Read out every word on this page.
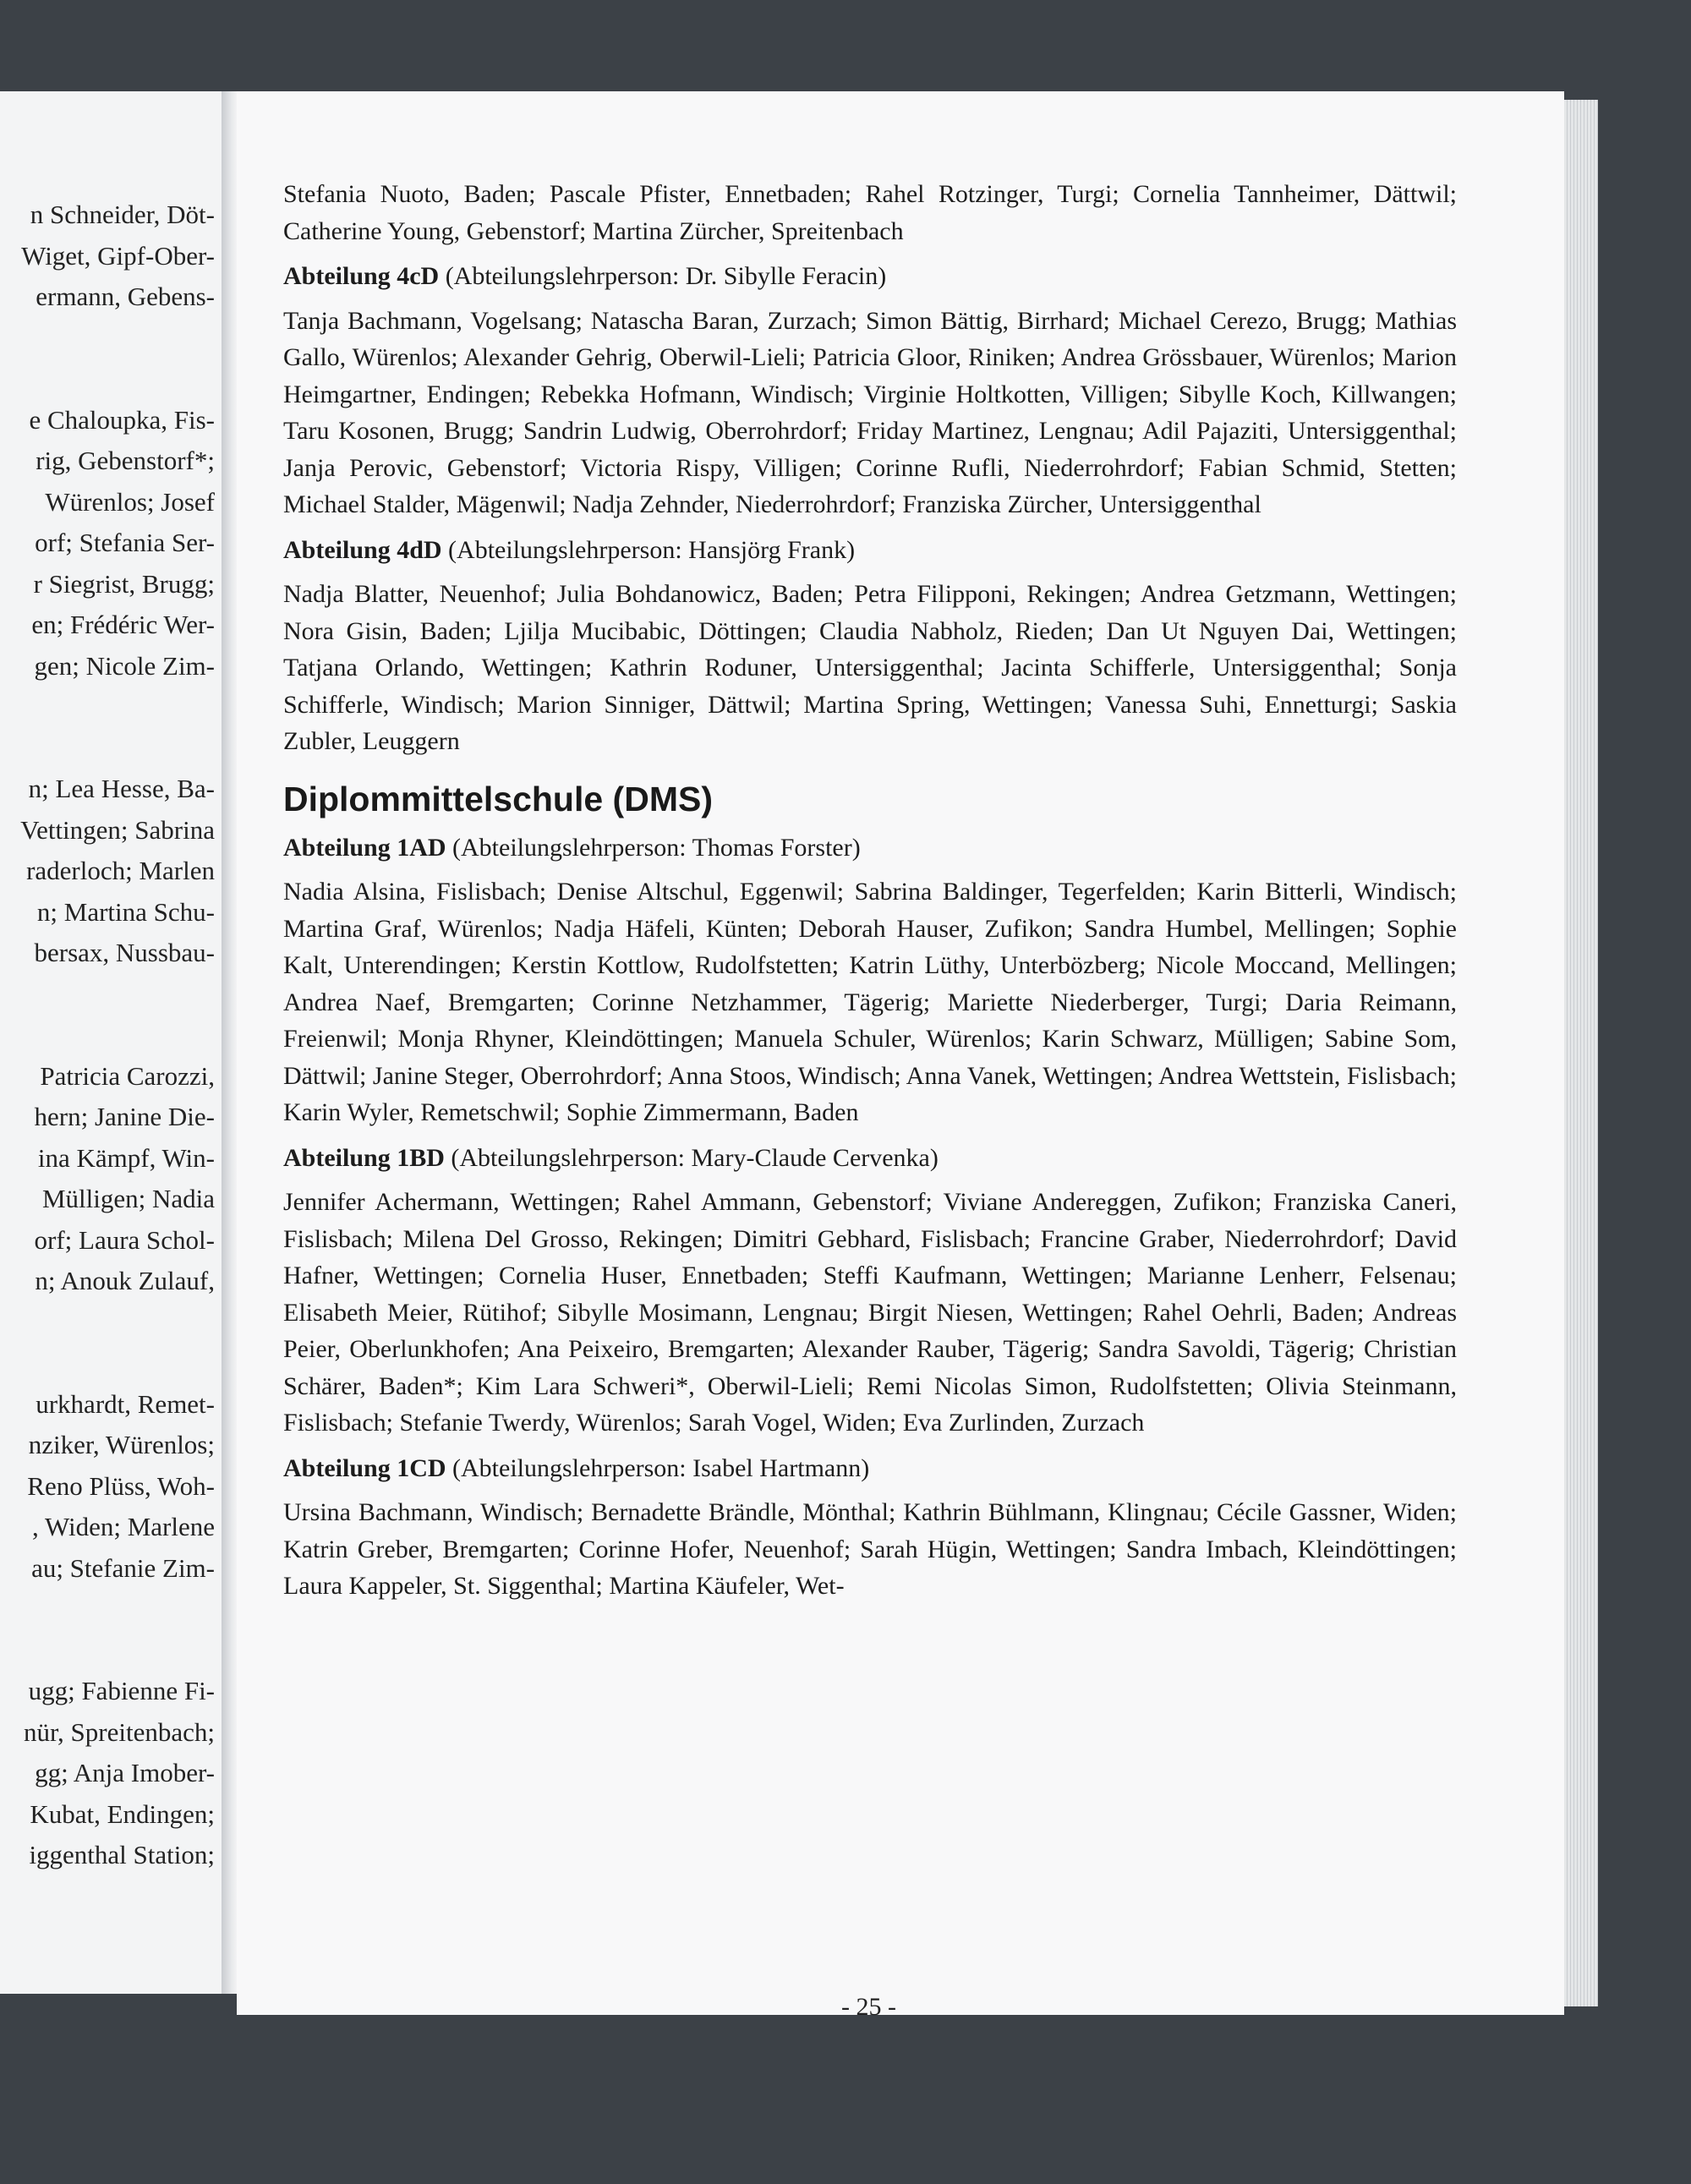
n Schneider, Döt-
Wiget, Gipf-Ober-
ermann, Gebens-
e Chaloupka, Fis-
rig, Gebenstorf*;
Würenlos; Josef
orf; Stefania Ser-
r Siegrist, Brugg;
en; Frédéric Wer-
gen; Nicole Zim-
n; Lea Hesse, Ba-
Vettingen; Sabrina
raderloch; Marlen
n; Martina Schu-
bersax, Nussbau-
Patricia Carozzi,
hern; Janine Die-
ina Kämpf, Win-
Mülligen; Nadia
orf; Laura Schol-
n; Anouk Zulauf,
urkhardt, Remet-
nziker, Würenlos;
Reno Plüss, Woh-
, Widen; Marlene
au; Stefanie Zim-
ugg; Fabienne Fi-
nür, Spreitenbach;
gg; Anja Imober-
Kubat, Endingen;
iggenthal Station;

Stefania Nuoto, Baden; Pascale Pfister, Ennetbaden; Rahel Rotzinger, Turgi; Cornelia Tannheimer, Dättwil; Catherine Young, Gebenstorf; Martina Zürcher, Spreitenbach

Abteilung 4cD (Abteilungslehrperson: Dr. Sibylle Feracin)

Tanja Bachmann, Vogelsang; Natascha Baran, Zurzach; Simon Bättig, Birrhard; Michael Cerezo, Brugg; Mathias Gallo, Würenlos; Alexander Gehrig, Oberwil-Lieli; Patricia Gloor, Riniken; Andrea Grössbauer, Würenlos; Marion Heimgartner, Endingen; Rebekka Hofmann, Windisch; Virginie Holtkotten, Villigen; Sibylle Koch, Killwangen; Taru Kosonen, Brugg; Sandrin Ludwig, Oberrohrdorf; Friday Martinez, Lengnau; Adil Pajaziti, Untersiggenthal; Janja Perovic, Gebenstorf; Victoria Rispy, Villigen; Corinne Rufli, Niederrohrdorf; Fabian Schmid, Stetten; Michael Stalder, Mägenwil; Nadja Zehnder, Niederrohrdorf; Franziska Zürcher, Untersiggenthal

Abteilung 4dD (Abteilungslehrperson: Hansjörg Frank)

Nadja Blatter, Neuenhof; Julia Bohdanowicz, Baden; Petra Filipponi, Rekingen; Andrea Getzmann, Wettingen; Nora Gisin, Baden; Ljilja Mucibabic, Döttingen; Claudia Nabholz, Rieden; Dan Ut Nguyen Dai, Wettingen; Tatjana Orlando, Wettingen; Kathrin Roduner, Untersiggenthal; Jacinta Schifferle, Untersiggenthal; Sonja Schifferle, Windisch; Marion Sinniger, Dättwil; Martina Spring, Wettingen; Vanessa Suhi, Ennetturgi; Saskia Zubler, Leuggern

Diplommittelschule (DMS)

Abteilung 1AD (Abteilungslehrperson: Thomas Forster)

Nadia Alsina, Fislisbach; Denise Altschul, Eggenwil; Sabrina Baldinger, Tegerfelden; Karin Bitterli, Windisch; Martina Graf, Würenlos; Nadja Häfeli, Künten; Deborah Hauser, Zufikon; Sandra Humbel, Mellingen; Sophie Kalt, Unterendingen; Kerstin Kottlow, Rudolfstetten; Katrin Lüthy, Unterbözberg; Nicole Moccand, Mellingen; Andrea Naef, Bremgarten; Corinne Netzhammer, Tägerig; Mariette Niederberger, Turgi; Daria Reimann, Freienwil; Monja Rhyner, Kleindöttingen; Manuela Schuler, Würenlos; Karin Schwarz, Mülligen; Sabine Som, Dättwil; Janine Steger, Oberrohrdorf; Anna Stoos, Windisch; Anna Vanek, Wettingen; Andrea Wettstein, Fislisbach; Karin Wyler, Remetschwil; Sophie Zimmermann, Baden

Abteilung 1BD (Abteilungslehrperson: Mary-Claude Cervenka)

Jennifer Achermann, Wettingen; Rahel Ammann, Gebenstorf; Viviane Andereggen, Zufikon; Franziska Caneri, Fislisbach; Milena Del Grosso, Rekingen; Dimitri Gebhard, Fislisbach; Francine Graber, Niederrohrdorf; David Hafner, Wettingen; Cornelia Huser, Ennetbaden; Steffi Kaufmann, Wettingen; Marianne Lenherr, Felsenau; Elisabeth Meier, Rütihof; Sibylle Mosimann, Lengnau; Birgit Niesen, Wettingen; Rahel Oehrli, Baden; Andreas Peier, Oberlunkhofen; Ana Peixeiro, Bremgarten; Alexander Rauber, Tägerig; Sandra Savoldi, Tägerig; Christian Schärer, Baden*; Kim Lara Schweri*, Oberwil-Lieli; Remi Nicolas Simon, Rudolfstetten; Olivia Steinmann, Fislisbach; Stefanie Twerdy, Würenlos; Sarah Vogel, Widen; Eva Zurlinden, Zurzach

Abteilung 1CD (Abteilungslehrperson: Isabel Hartmann)

Ursina Bachmann, Windisch; Bernadette Brändle, Mönthal; Kathrin Bühlmann, Klingnau; Cécile Gassner, Widen; Katrin Greber, Bremgarten; Corinne Hofer, Neuenhof; Sarah Hügin, Wettingen; Sandra Imbach, Kleindöttingen; Laura Kappeler, St. Siggenthal; Martina Käufeler, Wet-

- 25 -
